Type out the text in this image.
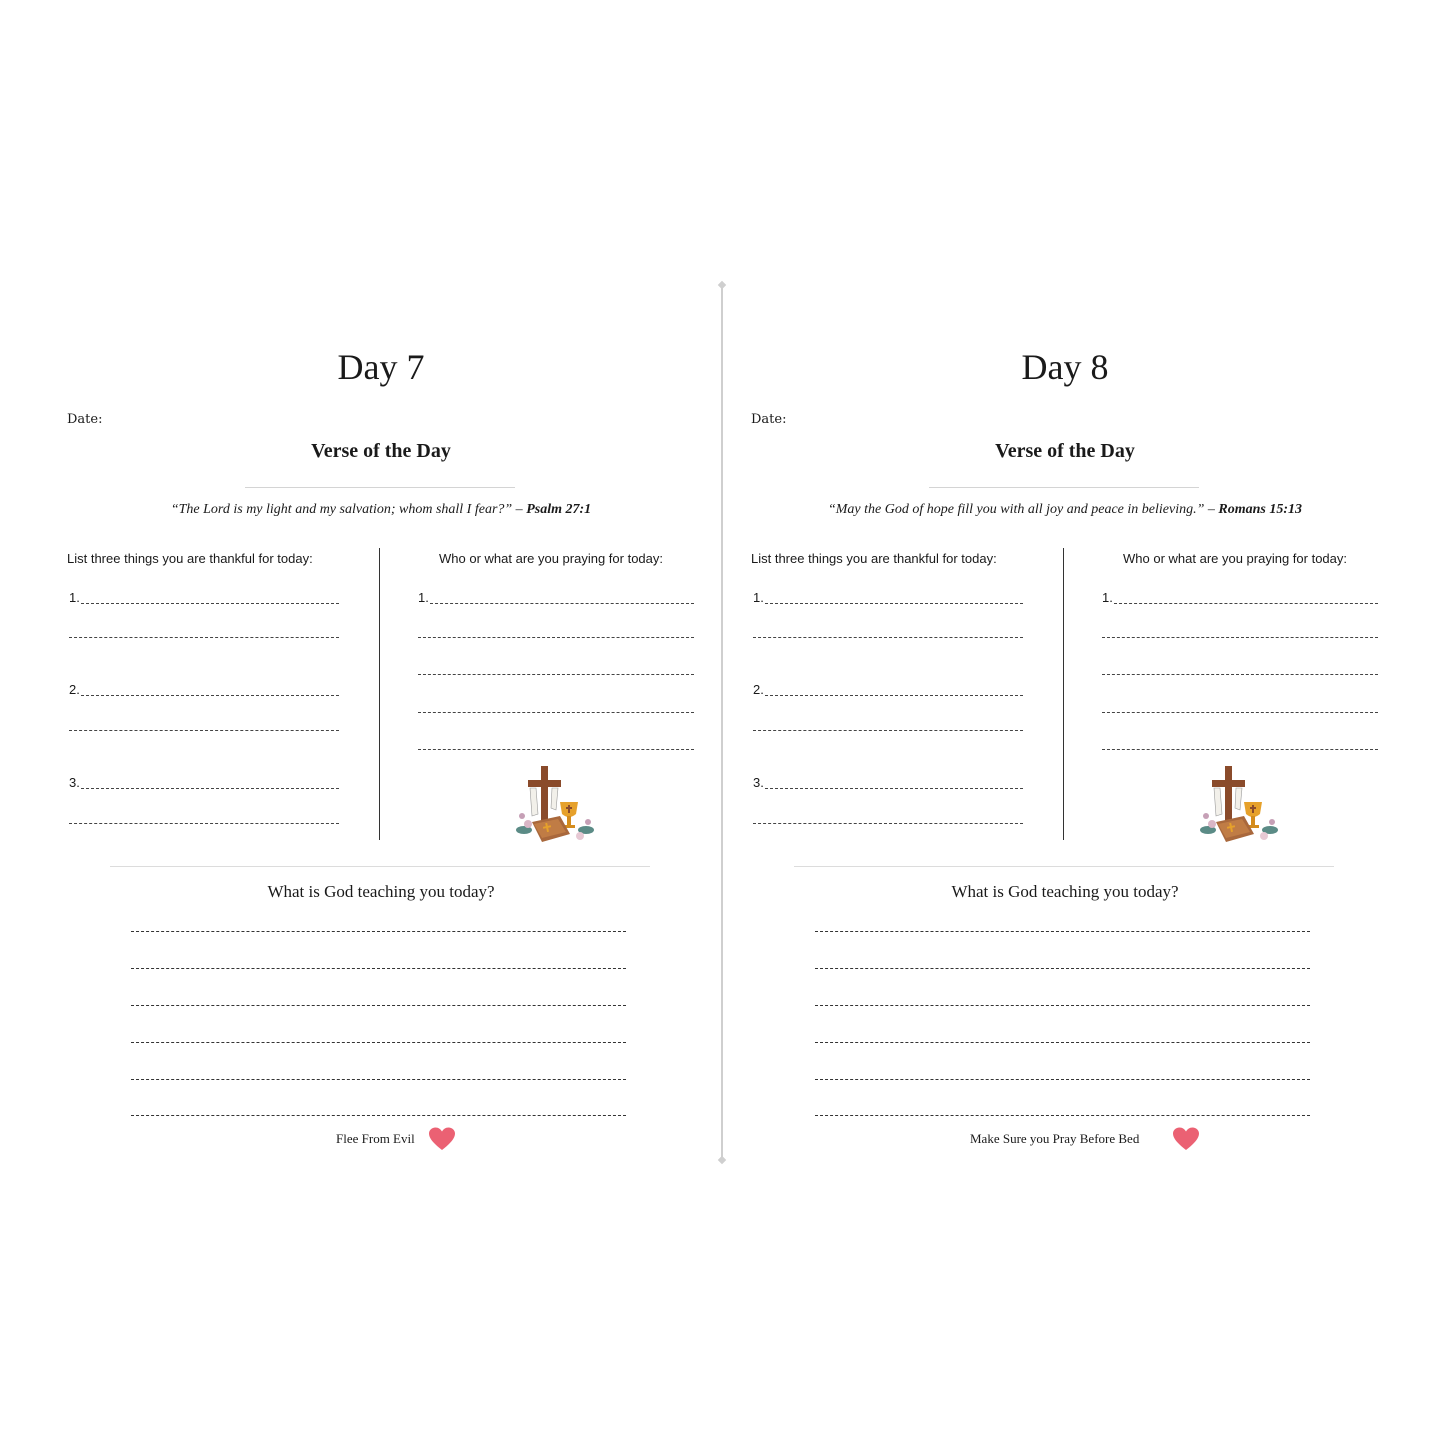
Day 7
Date:
Verse of the Day
“The Lord is my light and my salvation; whom shall I fear?” – Psalm 27:1
List three things you are thankful for today:	Who or what are you praying for today:
1.
2.
3.
1.
What is God teaching you today?
Flee From Evil
Day 8
Date:
Verse of the Day
“May the God of hope fill you with all joy and peace in believing.” – Romans 15:13
List three things you are thankful for today:	Who or what are you praying for today:
1.
2.
3.
1.
What is God teaching you today?
Make Sure you Pray Before Bed
